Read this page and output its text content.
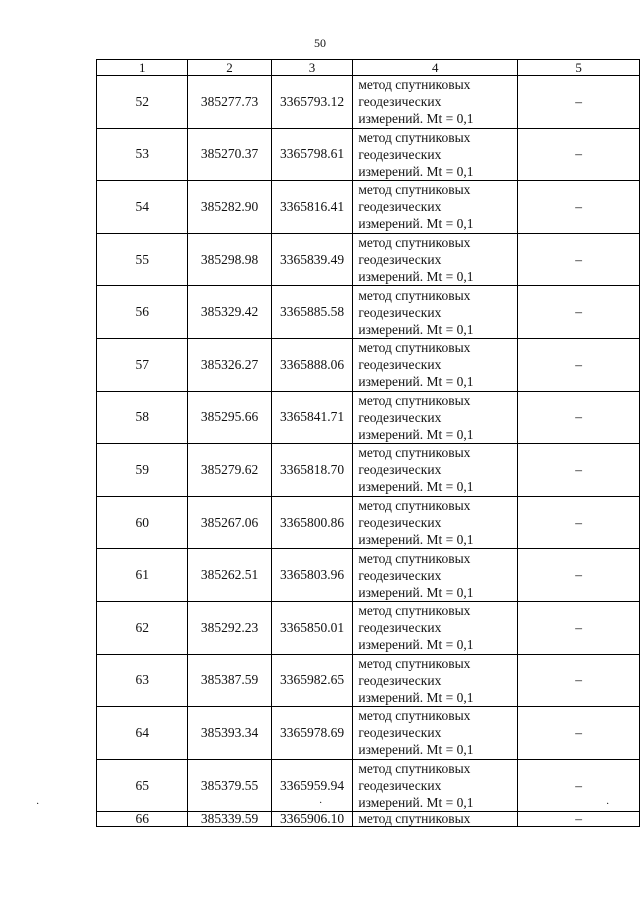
50
1	2	3	4	5
52	385277.73	3365793.12	метод спутниковых
геодезических
измерений. Mt = 0,1	–
53	385270.37	3365798.61	метод спутниковых
геодезических
измерений. Mt = 0,1	–
54	385282.90	3365816.41	метод спутниковых
геодезических
измерений. Mt = 0,1	–
55	385298.98	3365839.49	метод спутниковых
геодезических
измерений. Mt = 0,1	–
56	385329.42	3365885.58	метод спутниковых
геодезических
измерений. Mt = 0,1	–
57	385326.27	3365888.06	метод спутниковых
геодезических
измерений. Mt = 0,1	–
58	385295.66	3365841.71	метод спутниковых
геодезических
измерений. Mt = 0,1	–
59	385279.62	3365818.70	метод спутниковых
геодезических
измерений. Mt = 0,1	–
60	385267.06	3365800.86	метод спутниковых
геодезических
измерений. Mt = 0,1	–
61	385262.51	3365803.96	метод спутниковых
геодезических
измерений. Mt = 0,1	–
62	385292.23	3365850.01	метод спутниковых
геодезических
измерений. Mt = 0,1	–
63	385387.59	3365982.65	метод спутниковых
геодезических
измерений. Mt = 0,1	–
64	385393.34	3365978.69	метод спутниковых
геодезических
измерений. Mt = 0,1	–
65	385379.55	3365959.94	метод спутниковых
геодезических
измерений. Mt = 0,1	–
66	385339.59	3365906.10	метод спутниковых	–
·
·	·
